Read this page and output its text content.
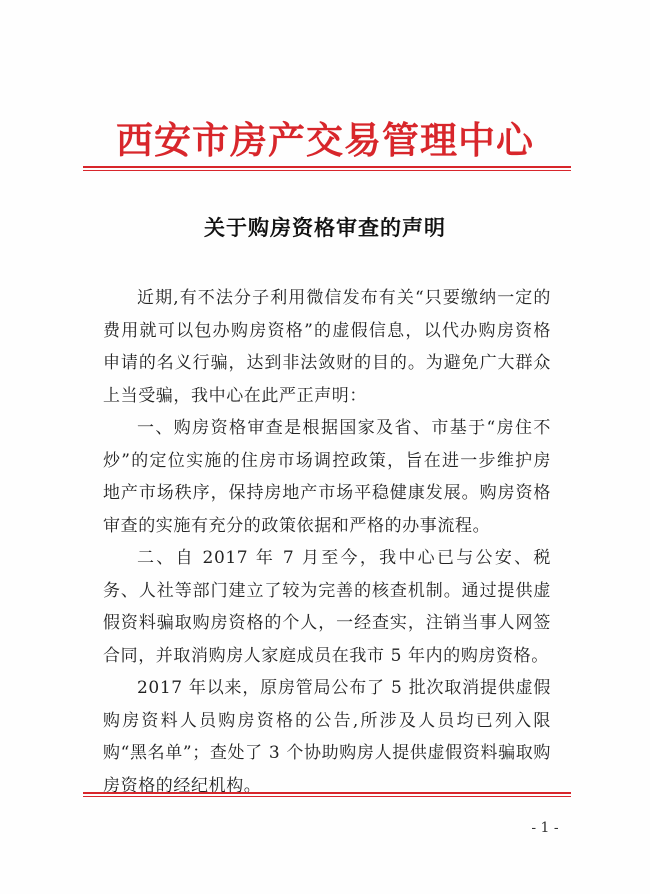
西安市房产交易管理中心
关于购房资格审查的声明

近期,有不法分子利用微信发布有关“只要缴纳一定的费用就可以包办购房资格”的虚假信息，以代办购房资格申请的名义行骗，达到非法敛财的目的。为避免广大群众上当受骗，我中心在此严正声明：

一、购房资格审查是根据国家及省、市基于“房住不炒”的定位实施的住房市场调控政策，旨在进一步维护房地产市场秩序，保持房地产市场平稳健康发展。购房资格审查的实施有充分的政策依据和严格的办事流程。

二、自 2017 年 7 月至今，我中心已与公安、税务、人社等部门建立了较为完善的核查机制。通过提供虚假资料骗取购房资格的个人，一经查实，注销当事人网签合同，并取消购房人家庭成员在我市 5 年内的购房资格。

2017 年以来，原房管局公布了 5 批次取消提供虚假购房资料人员购房资格的公告,所涉及人员均已列入限购“黑名单”；查处了 3 个协助购房人提供虚假资料骗取购房资格的经纪机构。

- 1 -
